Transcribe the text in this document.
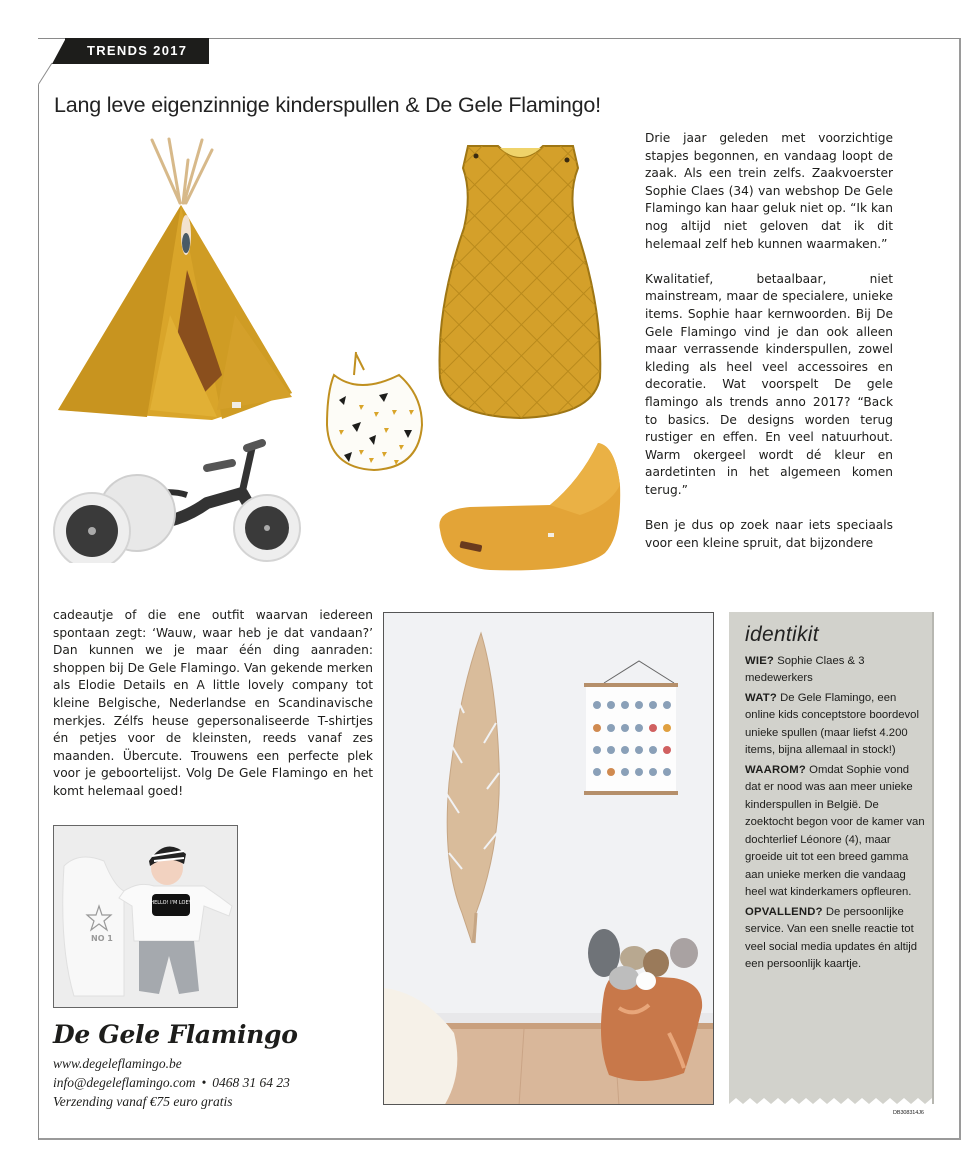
TRENDS 2017
Lang leve eigenzinnige kinderspullen & De Gele Flamingo!

Drie jaar geleden met voorzichtige stapjes begonnen, en vandaag loopt de zaak. Als een trein zelfs. Zaakvoerster Sophie Claes (34) van webshop De Gele Flamingo kan haar geluk niet op. “Ik kan nog altijd niet geloven dat ik dit helemaal zelf heb kunnen waarmaken.”

Kwalitatief, betaalbaar, niet mainstream, maar de specialere, unieke items. Sophie haar kernwoorden. Bij De Gele Flamingo vind je dan ook alleen maar verrassende kinderspullen, zowel kleding als heel veel accessoires en decoratie. Wat voorspelt De gele flamingo als trends anno 2017? “Back to basics. De designs worden terug rustiger en effen. En veel natuurhout. Warm okergeel wordt dé kleur en aardetinten in het algemeen komen terug.”

Ben je dus op zoek naar iets speciaals voor een kleine spruit, dat bijzondere

cadeautje of die ene outfit waarvan iedereen spontaan zegt: ‘Wauw, waar heb je dat vandaan?’ Dan kunnen we je maar één ding aanraden: shoppen bij De Gele Flamingo. Van gekende merken als Elodie Details en A little lovely company tot kleine Belgische, Nederlandse en Scandinavische merkjes. Zélfs heuse gepersonaliseerde T-shirtjes én petjes voor de kleinsten, reeds vanaf zes maanden. Übercute. Trouwens een perfecte plek voor je geboortelijst. Volg De Gele Flamingo en het komt helemaal goed!

NO 1
HELLO! I'M LOEY
De Gele Flamingo
www.degeleflamingo.be
info@degeleflamingo.com • 0468 31 64 23
Verzending vanaf €75 euro gratis
identikit
WIE? Sophie Claes & 3 medewerkers
WAT? De Gele Flamingo, een online kids conceptstore boordevol unieke spullen (maar liefst 4.200 items, bijna allemaal in stock!)
WAAROM? Omdat Sophie vond dat er nood was aan meer unieke kinderspullen in België. De zoektocht begon voor de kamer van dochterlief Léonore (4), maar groeide uit tot een breed gamma aan unieke merken die vandaag heel wat kinderkamers opfleuren.
OPVALLEND? De persoonlijke service. Van een snelle reactie tot veel social media updates én altijd een persoonlijk kaartje.
DB308314J6
